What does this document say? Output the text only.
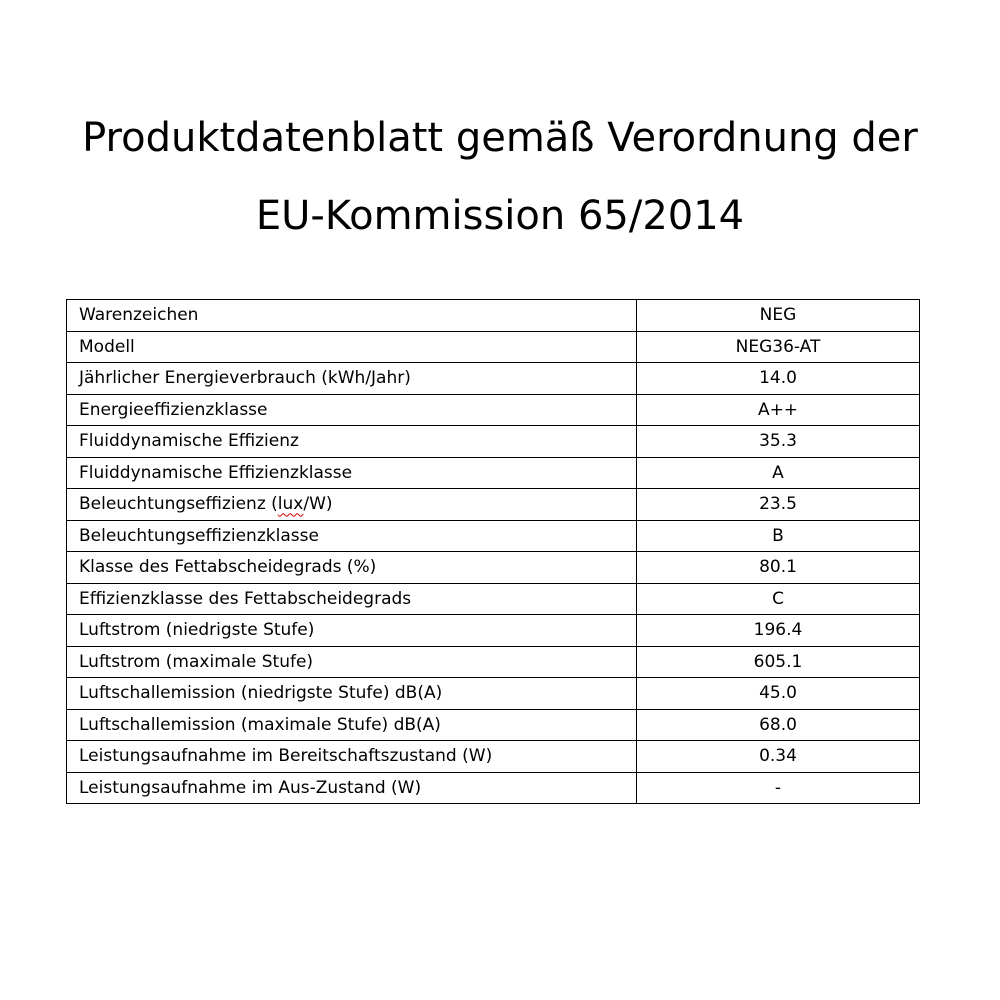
Produktdatenblatt gemäß Verordnung der
EU-Kommission 65/2014
Warenzeichen	NEG
Modell	NEG36-AT
Jährlicher Energieverbrauch (kWh/Jahr)	14.0
Energieeffizienzklasse	A++
Fluiddynamische Effizienz	35.3
Fluiddynamische Effizienzklasse	A
Beleuchtungseffizienz (lux/W)	23.5
Beleuchtungseffizienzklasse	B
Klasse des Fettabscheidegrads (%)	80.1
Effizienzklasse des Fettabscheidegrads	C
Luftstrom (niedrigste Stufe)	196.4
Luftstrom (maximale Stufe)	605.1
Luftschallemission (niedrigste Stufe) dB(A)	45.0
Luftschallemission (maximale Stufe) dB(A)	68.0
Leistungsaufnahme im Bereitschaftszustand (W)	0.34
Leistungsaufnahme im Aus-Zustand (W)	-
